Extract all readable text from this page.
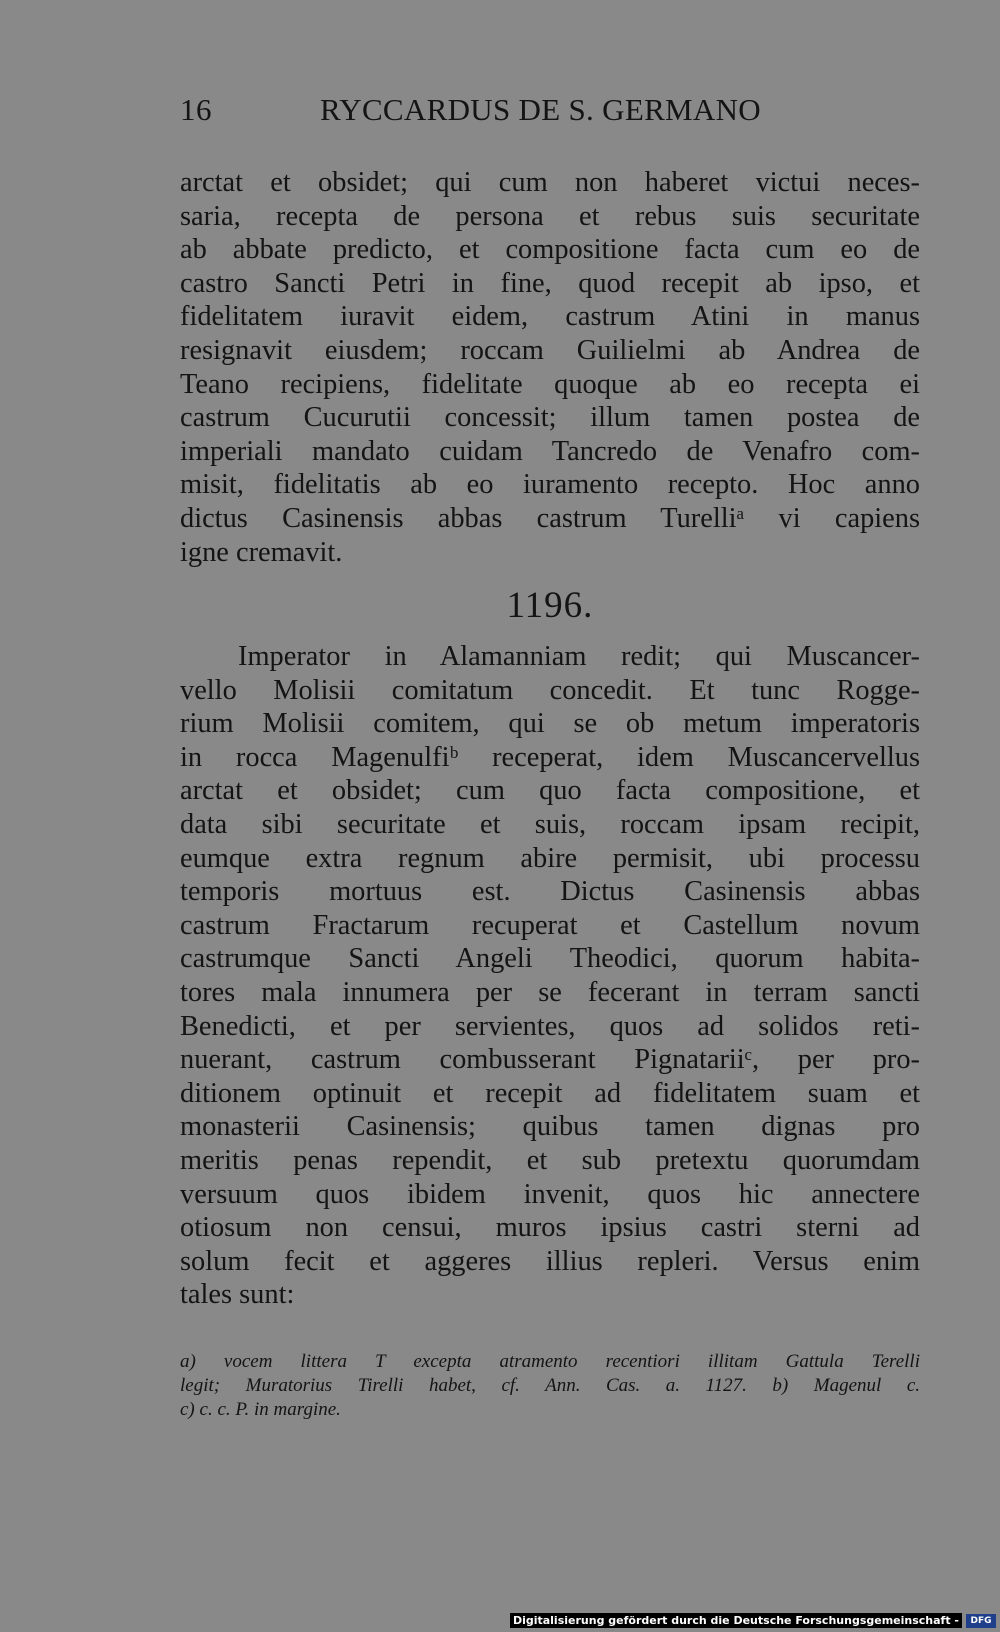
16	RYCCARDUS DE S. GERMANO
arctat et obsidet; qui cum non haberet victui neces-
saria, recepta de persona et rebus suis securitate
ab abbate predicto, et compositione facta cum eo de
castro Sancti Petri in fine, quod recepit ab ipso, et
fidelitatem iuravit eidem, castrum Atini in manus
resignavit eiusdem; roccam Guilielmi ab Andrea de
Teano recipiens, fidelitate quoque ab eo recepta ei
castrum Cucurutii concessit; illum tamen postea de
imperiali mandato cuidam Tancredo de Venafro com-
misit, fidelitatis ab eo iuramento recepto. Hoc anno
dictus Casinensis abbas castrum Turelliᵃ vi capiens
igne cremavit.
1196.
Imperator in Alamanniam redit; qui Muscancer-
vello Molisii comitatum concedit. Et tunc Rogge-
rium Molisii comitem, qui se ob metum imperatoris
in rocca Magenulfiᵇ receperat, idem Muscancervellus
arctat et obsidet; cum quo facta compositione, et
data sibi securitate et suis, roccam ipsam recipit,
eumque extra regnum abire permisit, ubi processu
temporis mortuus est. Dictus Casinensis abbas
castrum Fractarum recuperat et Castellum novum
castrumque Sancti Angeli Theodici, quorum habita-
tores mala innumera per se fecerant in terram sancti
Benedicti, et per servientes, quos ad solidos reti-
nuerant, castrum combusserant Pignatariiᶜ, per pro-
ditionem optinuit et recepit ad fidelitatem suam et
monasterii Casinensis; quibus tamen dignas pro
meritis penas rependit, et sub pretextu quorumdam
versuum quos ibidem invenit, quos hic annectere
otiosum non censui, muros ipsius castri sterni ad
solum fecit et aggeres illius repleri. Versus enim
tales sunt:
a) vocem littera T excepta atramento recentiori illitam Gattula Terelli
legit; Muratorius Tirelli habet, cf. Ann. Cas. a. 1127. b) Magenul c.
c) c. c. P. in margine.
Digitalisierung gefördert durch die Deutsche Forschungsgemeinschaft -	DFG
